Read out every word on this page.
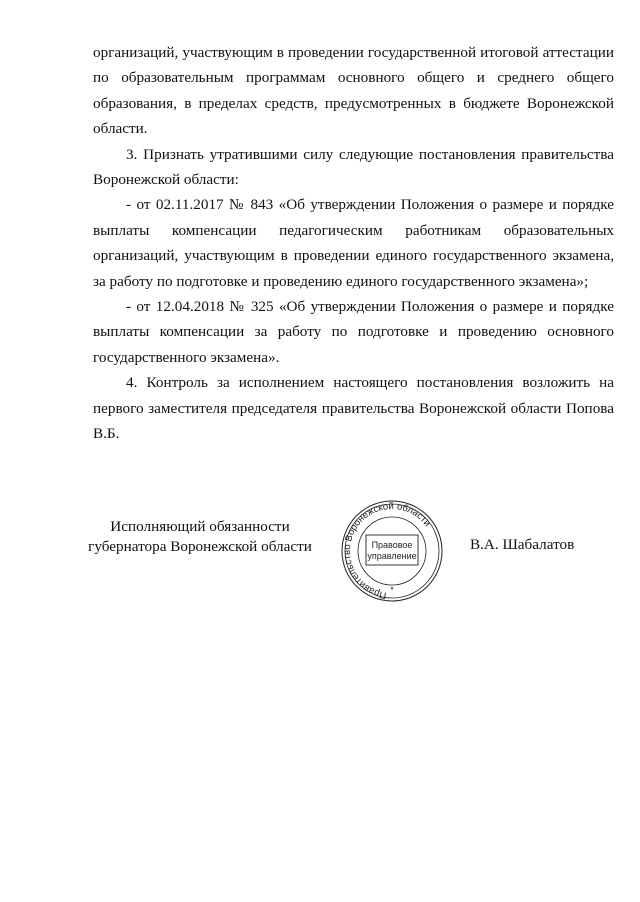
организаций, участвующим в проведении государственной итоговой аттестации по образовательным программам основного общего и среднего общего образования, в пределах средств, предусмотренных в бюджете Воронежской области.

3. Признать утратившими силу следующие постановления правительства Воронежской области:

- от 02.11.2017 № 843 «Об утверждении Положения о размере и порядке выплаты компенсации педагогическим работникам образовательных организаций, участвующим в проведении единого государственного экзамена, за работу по подготовке и проведению единого государственного экзамена»;

- от 12.04.2018 № 325 «Об утверждении Положения о размере и порядке выплаты компенсации за работу по подготовке и проведению основного государственного экзамена».

4. Контроль за исполнением настоящего постановления возложить на первого заместителя председателя правительства Воронежской области Попова В.Б.

Исполняющий обязанности
губернатора Воронежской области
Правительство Воронежской области
Правовое
управление
*
В.А. Шабалатов
